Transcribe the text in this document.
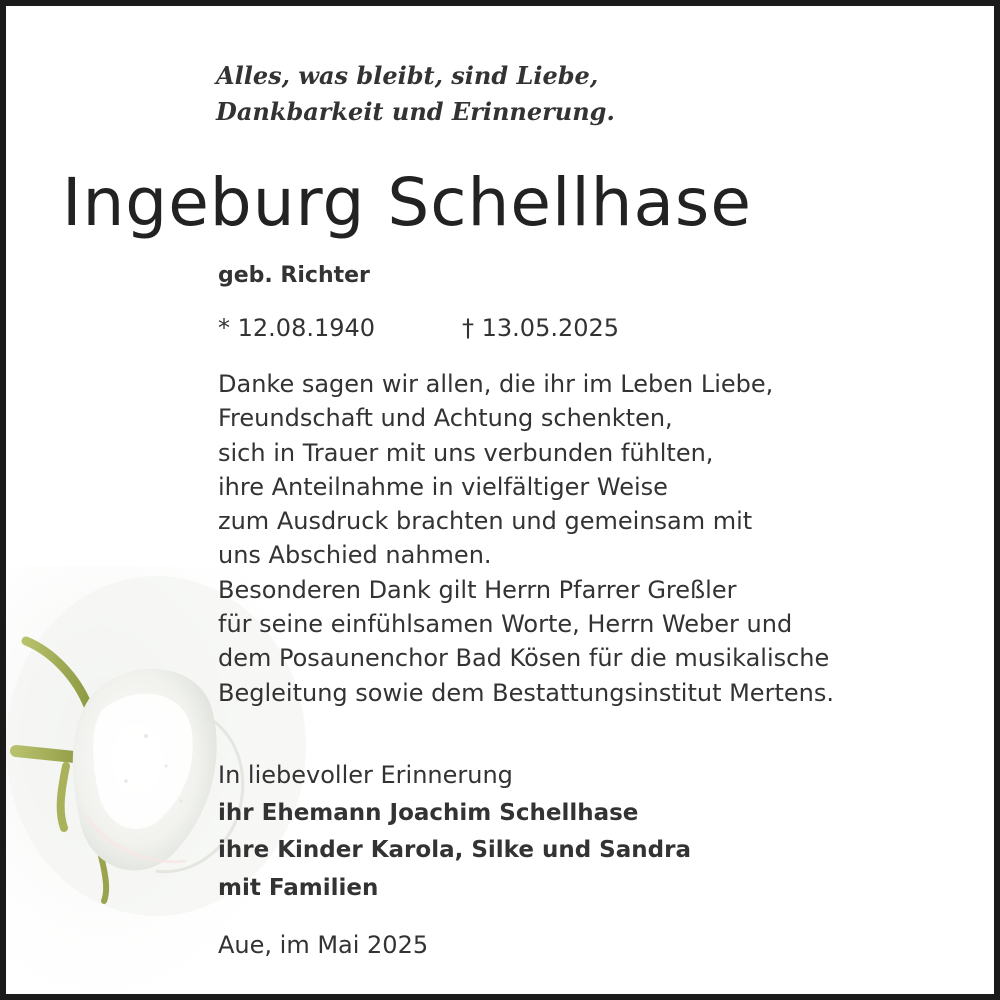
Alles, was bleibt, sind Liebe,
Dankbarkeit und Erinnerung.

Ingeburg Schellhase
geb. Richter
* 12.08.1940	† 13.05.2025
Danke sagen wir allen, die ihr im Leben Liebe,
Freundschaft und Achtung schenkten,
sich in Trauer mit uns verbunden fühlten,
ihre Anteilnahme in vielfältiger Weise
zum Ausdruck brachten und gemeinsam mit
uns Abschied nahmen.
Besonderen Dank gilt Herrn Pfarrer Greßler
für seine einfühlsamen Worte, Herrn Weber und
dem Posaunenchor Bad Kösen für die musikalische
Begleitung sowie dem Bestattungsinstitut Mertens.
In liebevoller Erinnerung
ihr Ehemann Joachim Schellhase
ihre Kinder Karola, Silke und Sandra
mit Familien
Aue, im Mai 2025
